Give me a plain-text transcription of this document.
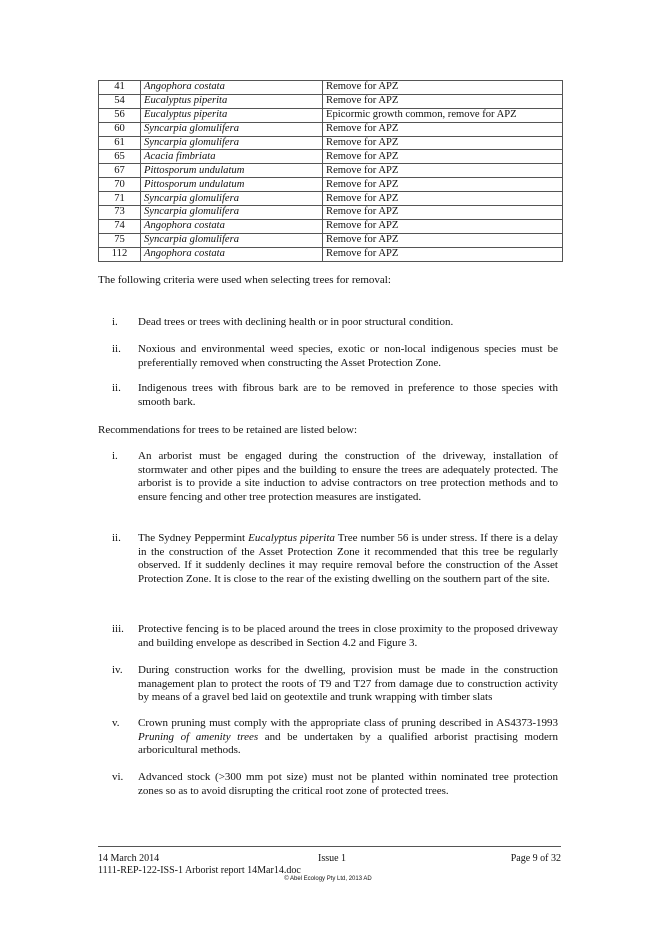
41	Angophora costata	Remove for APZ
54	Eucalyptus piperita	Remove for APZ
56	Eucalyptus piperita	Epicormic growth common, remove for APZ
60	Syncarpia glomulifera	Remove for APZ
61	Syncarpia glomulifera	Remove for APZ
65	Acacia fimbriata	Remove for APZ
67	Pittosporum undulatum	Remove for APZ
70	Pittosporum undulatum	Remove for APZ
71	Syncarpia glomulifera	Remove for APZ
73	Syncarpia glomulifera	Remove for APZ
74	Angophora costata	Remove for APZ
75	Syncarpia glomulifera	Remove for APZ
112	Angophora costata	Remove for APZ

The following criteria were used when selecting trees for removal:

i.	Dead trees or trees with declining health or in poor structural condition.
ii.	Noxious and environmental weed species, exotic or non-local indigenous species must be preferentially removed when constructing the Asset Protection Zone.
ii.	Indigenous trees with fibrous bark are to be removed in preference to those species with smooth bark.

Recommendations for trees to be retained are listed below:

i.	An arborist must be engaged during the construction of the driveway, installation of stormwater and other pipes and the building to ensure the trees are adequately protected. The arborist is to provide a site induction to advise contractors on tree protection methods and to ensure fencing and other tree protection measures are instigated.
ii.	The Sydney Peppermint Eucalyptus piperita Tree number 56 is under stress. If there is a delay in the construction of the Asset Protection Zone it recommended that this tree be regularly observed. If it suddenly declines it may require removal before the construction of the Asset Protection Zone. It is close to the rear of the existing dwelling on the southern part of the site.
iii.	Protective fencing is to be placed around the trees in close proximity to the proposed driveway and building envelope as described in Section 4.2 and Figure 3.
iv.	During construction works for the dwelling, provision must be made in the construction management plan to protect the roots of T9 and T27 from damage due to construction activity by means of a gravel bed laid on geotextile and trunk wrapping with timber slats
v.	Crown pruning must comply with the appropriate class of pruning described in AS4373-1993 Pruning of amenity trees and be undertaken by a qualified arborist practising modern arboricultural methods.
vi.	Advanced stock (>300 mm pot size) must not be planted within nominated tree protection zones so as to avoid disrupting the critical root zone of protected trees.
14 March 2014	Issue 1	Page 9 of 32
1111-REP-122-ISS-1 Arborist report 14Mar14.doc
© Abel Ecology Pty Ltd, 2013 AD
